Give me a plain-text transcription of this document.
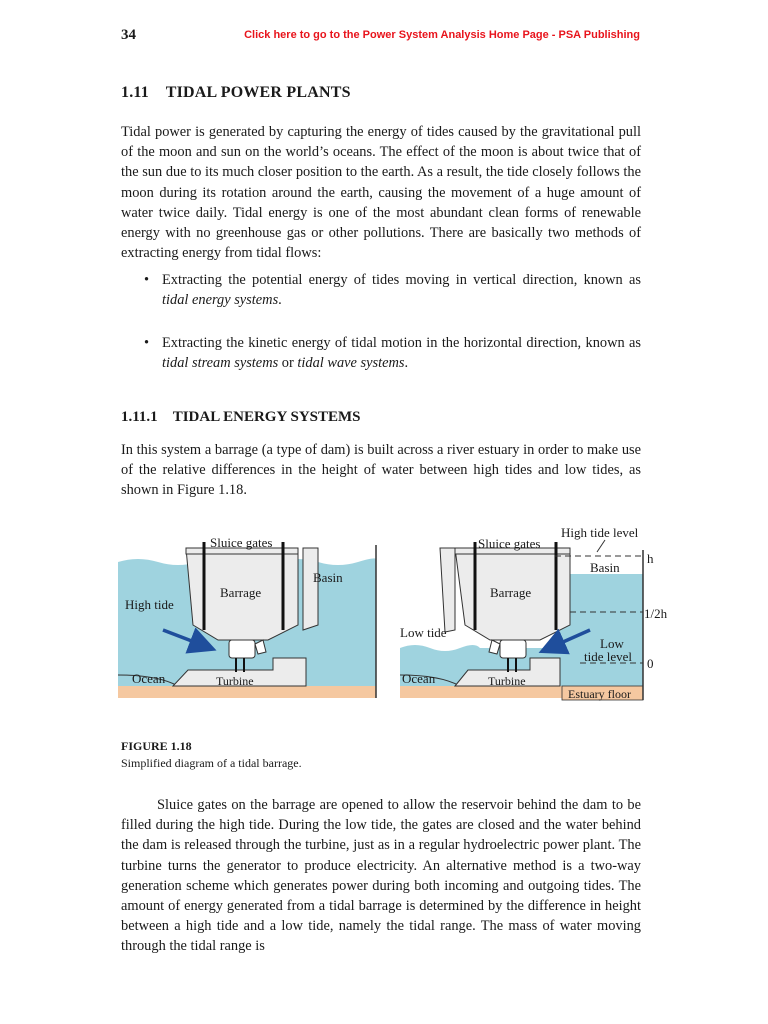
34	Click here to go to the Power System Analysis Home Page - PSA Publishing
1.11 TIDAL POWER PLANTS
Tidal power is generated by capturing the energy of tides caused by the gravitational pull of the moon and sun on the world’s oceans. The effect of the moon is about twice that of the sun due to its much closer position to the earth. As a result, the tide closely follows the moon during its rotation around the earth, causing the movement of a huge amount of water twice daily. Tidal energy is one of the most abundant clean forms of renewable energy with no greenhouse gas or other pollutions. There are basically two methods of extracting energy from tidal flows:
• Extracting the potential energy of tides moving in vertical direction, known as tidal energy systems.
• Extracting the kinetic energy of tidal motion in the horizontal direction, known as tidal stream systems or tidal wave systems.
1.11.1 TIDAL ENERGY SYSTEMS
In this system a barrage (a type of dam) is built across a river estuary in order to make use of the relative differences in the height of water between high tides and low tides, as shown in Figure 1.18.
Sluice gates
Barrage
Basin
High tide
Ocean	Turbine
High tide level
Sluice gates
Basin
Barrage
Low tide
Low
tide level
Ocean	Turbine
Estuary floor
h
1/2h
0
FIGURE 1.18
Simplified diagram of a tidal barrage.
Sluice gates on the barrage are opened to allow the reservoir behind the dam to be filled during the high tide. During the low tide, the gates are closed and the water behind the dam is released through the turbine, just as in a regular hydroelectric power plant. The turbine turns the generator to produce electricity. An alternative method is a two-way generation scheme which generates power during both incoming and outgoing tides. The amount of energy generated from a tidal barrage is determined by the difference in height between a high tide and a low tide, namely the tidal range. The mass of water moving through the tidal range is
